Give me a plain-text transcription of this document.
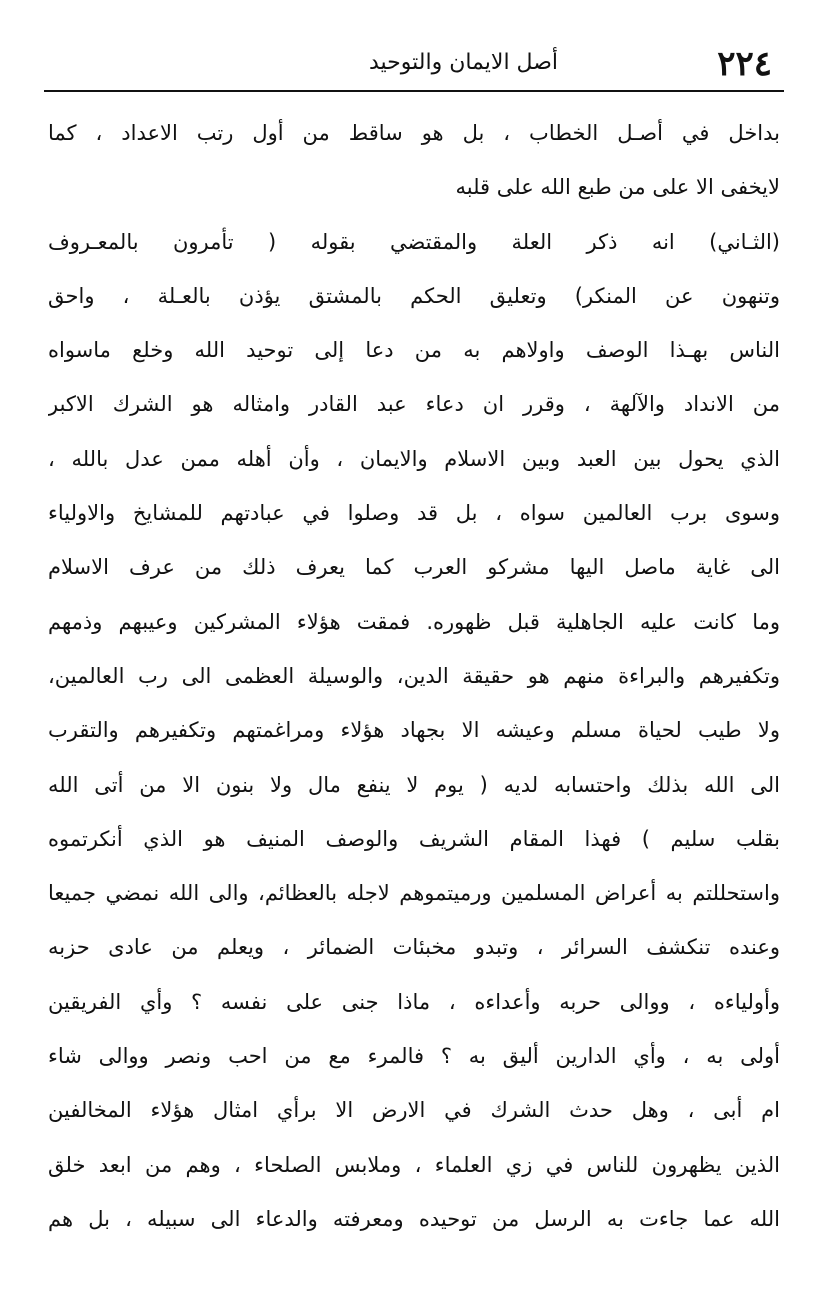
٢٢٤
أصل الايمان والتوحيد
بداخل في أصـل الخطاب ، بل هو ساقط من أول رتب الاعداد ، كما
لايخفى الا على من طبع الله على قلبه
(الثـاني) انه ذكر العلة والمقتضي بقوله ( تأمرون بالمعـروف
وتنهون عن المنكر) وتعليق الحكم بالمشتق يؤذن بالعـلة ، واحق
الناس بهـذا الوصف واولاهم به من دعا إلى توحيد الله وخلع ماسواه
من الانداد والآلهة ، وقرر ان دعاء عبد القادر وامثاله هو الشرك الاكبر
الذي يحول بين العبد وبين الاسلام والايمان ، وأن أهله ممن عدل بالله ،
وسوى برب العالمين سواه ، بل قد وصلوا في عبادتهم للمشايخ والاولياء
الى غاية ماصل اليها مشركو العرب كما يعرف ذلك من عرف الاسلام
وما كانت عليه الجاهلية قبل ظهوره. فمقت هؤلاء المشركين وعيبهم وذمهم
وتكفيرهم والبراءة منهم هو حقيقة الدين، والوسيلة العظمى الى رب العالمين،
ولا طيب لحياة مسلم وعيشه الا بجهاد هؤلاء ومراغمتهم وتكفيرهم والتقرب
الى الله بذلك واحتسابه لديه ( يوم لا ينفع مال ولا بنون الا من أتى الله
بقلب سليم ) فهذا المقام الشريف والوصف المنيف هو الذي أنكرتموه
واستحللتم به أعراض المسلمين ورميتموهم لاجله بالعظائم، والى الله نمضي جميعا
وعنده تنكشف السرائر ، وتبدو مخبئات الضمائر ، ويعلم من عادى حزبه
وأولياءه ، ووالى حربه وأعداءه ، ماذا جنى على نفسه ؟ وأي الفريقين
أولى به ، وأي الدارين أليق به ؟ فالمرء مع من احب ونصر ووالى شاء
ام أبى ، وهل حدث الشرك في الارض الا برأي امثال هؤلاء المخالفين
الذين يظهرون للناس في زي العلماء ، وملابس الصلحاء ، وهم من ابعد خلق
الله عما جاءت به الرسل من توحيده ومعرفته والدعاء الى سبيله ، بل هم
